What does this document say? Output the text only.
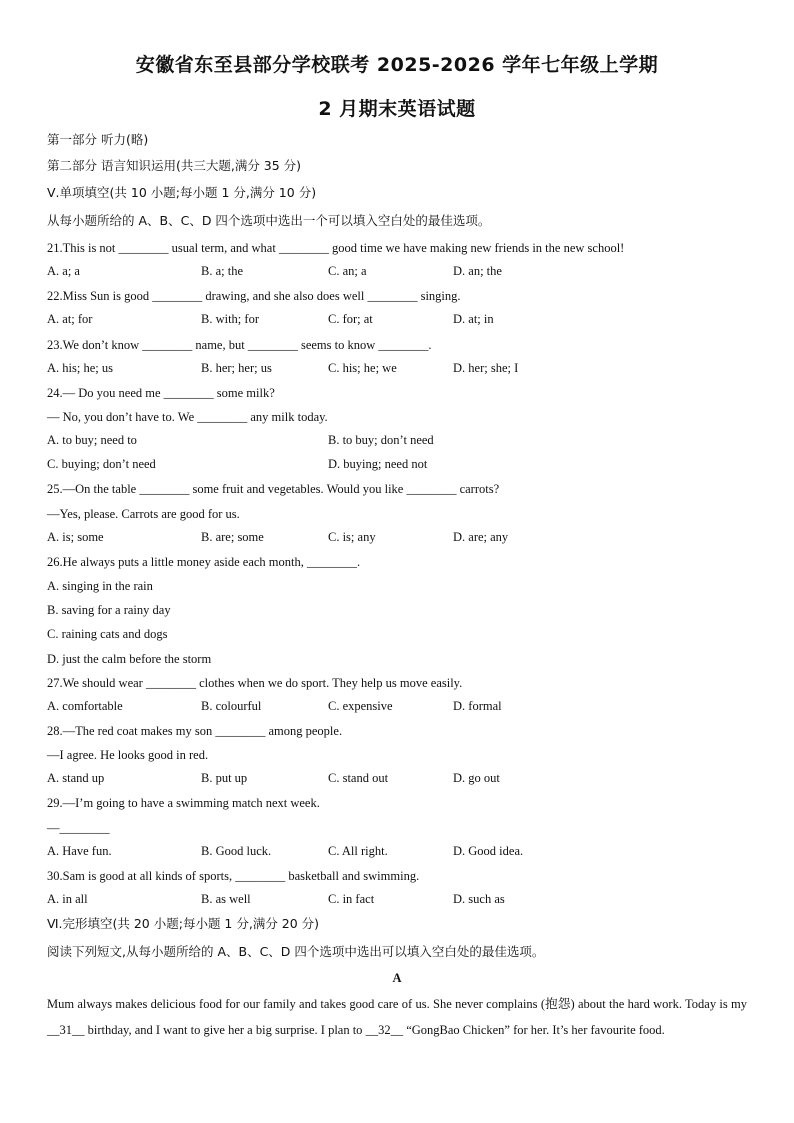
安徽省东至县部分学校联考 2025-2026 学年七年级上学期
2 月期末英语试题
第一部分 听力(略)
第二部分 语言知识运用(共三大题,满分 35 分)
Ⅴ.单项填空(共 10 小题;每小题 1 分,满分 10 分)
从每小题所给的 A、B、C、D 四个选项中选出一个可以填入空白处的最佳选项。
21.This is not ________ usual term, and what ________ good time we have making new friends in the new school!
A. a; a	B. a; the	C. an; a	D. an; the
22.Miss Sun is good ________ drawing, and she also does well ________ singing.
A. at; for	B. with; for	C. for; at	D. at; in
23.We don’t know ________ name, but ________ seems to know ________.
A. his; he; us	B. her; her; us	C. his; he; we	D. her; she; I
24.— Do you need me ________ some milk?
— No, you don’t have to. We ________ any milk today.
A. to buy; need to	B. to buy; don’t need
C. buying; don’t need	D. buying; need not
25.—On the table ________ some fruit and vegetables. Would you like ________ carrots?
—Yes, please. Carrots are good for us.
A. is; some	B. are; some	C. is; any	D. are; any
26.He always puts a little money aside each month, ________.
A. singing in the rain
B. saving for a rainy day
C. raining cats and dogs
D. just the calm before the storm
27.We should wear ________ clothes when we do sport. They help us move easily.
A. comfortable	B. colourful	C. expensive	D. formal
28.—The red coat makes my son ________ among people.
—I agree. He looks good in red.
A. stand up	B. put up	C. stand out	D. go out
29.—I’m going to have a swimming match next week.
—________
A. Have fun.	B. Good luck.	C. All right.	D. Good idea.
30.Sam is good at all kinds of sports, ________ basketball and swimming.
A. in all	B. as well	C. in fact	D. such as
Ⅵ.完形填空(共 20 小题;每小题 1 分,满分 20 分)
阅读下列短文,从每小题所给的 A、B、C、D 四个选项中选出可以填入空白处的最佳选项。
A
Mum always makes delicious food for our family and takes good care of us. She never complains (抱怨) about the hard work. Today is my __31__ birthday, and I want to give her a big surprise. I plan to __32__ “GongBao Chicken” for her. It’s her favourite food.
